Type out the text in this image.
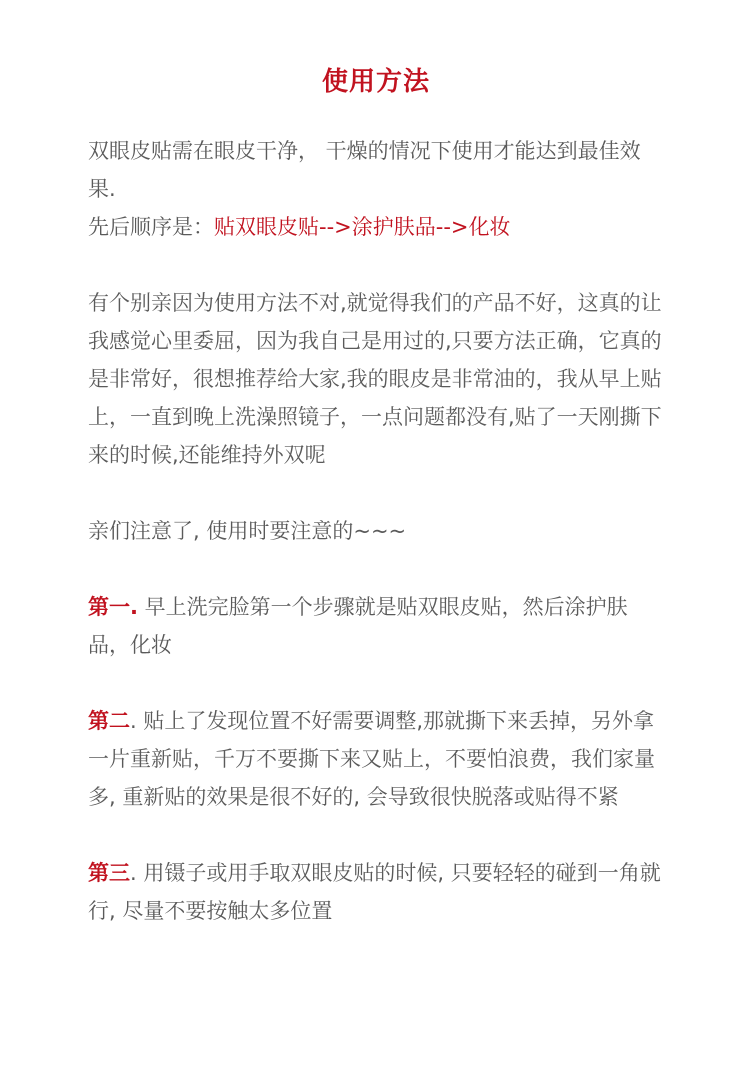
使用方法

双眼皮贴需在眼皮干净， 干燥的情况下使用才能达到最佳效果.

先后顺序是：贴双眼皮贴-->涂护肤品-->化妆

有个别亲因为使用方法不对,就觉得我们的产品不好，这真的让我感觉心里委屈，因为我自己是用过的,只要方法正确，它真的是非常好，很想推荐给大家,我的眼皮是非常油的，我从早上贴上，一直到晚上洗澡照镜子，一点问题都没有,贴了一天刚撕下来的时候,还能维持外双呢

亲们注意了, 使用时要注意的~~~

第一. 早上洗完脸第一个步骤就是贴双眼皮贴，然后涂护肤品，化妆

第二. 贴上了发现位置不好需要调整,那就撕下来丢掉，另外拿一片重新贴，千万不要撕下来又贴上，不要怕浪费，我们家量多, 重新贴的效果是很不好的, 会导致很快脱落或贴得不紧

第三. 用镊子或用手取双眼皮贴的时候, 只要轻轻的碰到一角就行, 尽量不要按触太多位置
